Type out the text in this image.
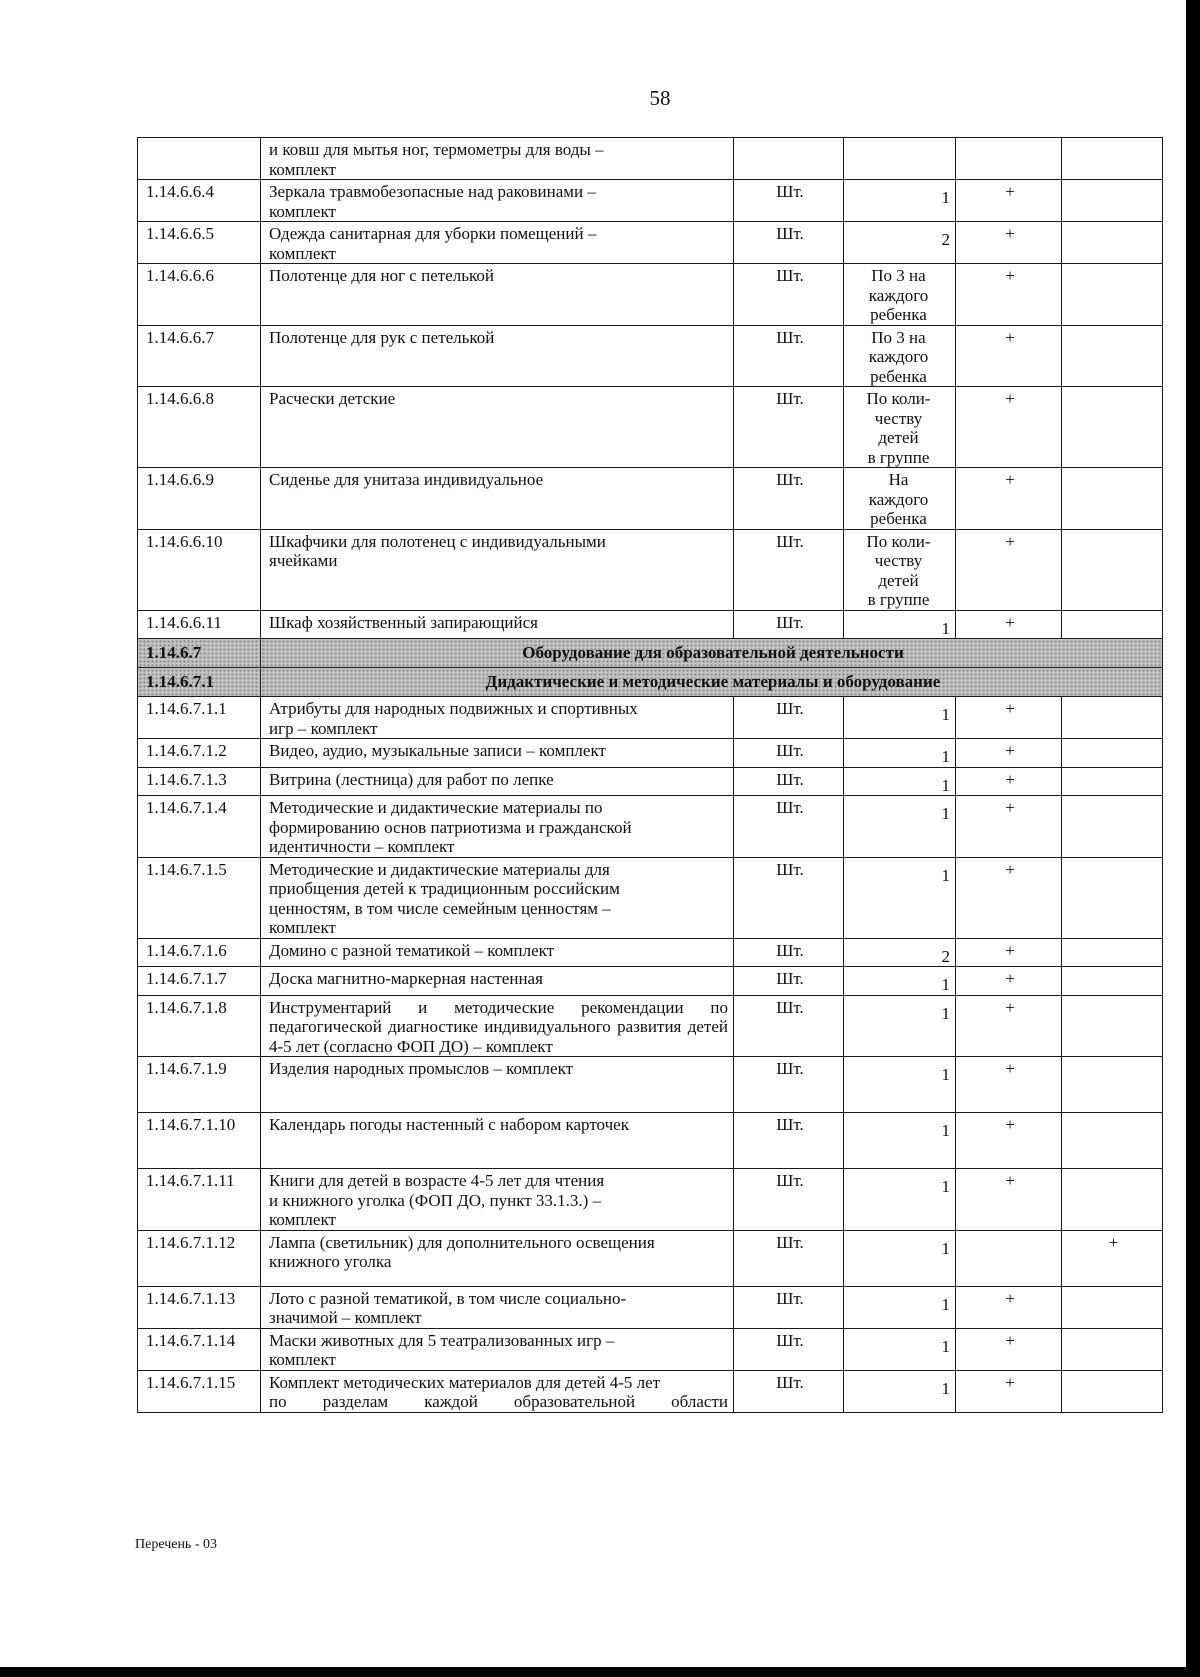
58
	и ковш для мытья ног, термометры для воды –
комплект				
1.14.6.6.4	Зеркала травмобезопасные над раковинами –
комплект	Шт.	1	+	
1.14.6.6.5	Одежда санитарная для уборки помещений –
комплект	Шт.	2	+	
1.14.6.6.6	Полотенце для ног с петелькой	Шт.	По 3 на
каждого
ребенка	+	
1.14.6.6.7	Полотенце для рук с петелькой	Шт.	По 3 на
каждого
ребенка	+	
1.14.6.6.8	Расчески детские	Шт.	По коли-
честву
детей
в группе	+	
1.14.6.6.9	Сиденье для унитаза индивидуальное	Шт.	На
каждого
ребенка	+	
1.14.6.6.10	Шкафчики для полотенец с индивидуальными
ячейками	Шт.	По коли-
честву
детей
в группе	+	
1.14.6.6.11	Шкаф хозяйственный запирающийся	Шт.	1	+	
1.14.6.7	Оборудование для образовательной деятельности				
1.14.6.7.1	Дидактические и методические материалы и оборудование				
1.14.6.7.1.1	Атрибуты для народных подвижных и спортивных
игр – комплект	Шт.	1	+	
1.14.6.7.1.2	Видео, аудио, музыкальные записи – комплект	Шт.	1	+	
1.14.6.7.1.3	Витрина (лестница) для работ по лепке	Шт.	1	+	
1.14.6.7.1.4	Методические и дидактические материалы по
формированию основ патриотизма и гражданской
идентичности – комплект	Шт.	1	+	
1.14.6.7.1.5	Методические и дидактические материалы для
приобщения детей к традиционным российским
ценностям, в том числе семейным ценностям –
комплект	Шт.	1	+	
1.14.6.7.1.6	Домино с разной тематикой – комплект	Шт.	2	+	
1.14.6.7.1.7	Доска магнитно-маркерная настенная	Шт.	1	+	
1.14.6.7.1.8	Инструментарий и методические рекомендации по педагогической диагностике индивидуального развития детей 4-5 лет (согласно ФОП ДО) – комплект	Шт.	1	+	
1.14.6.7.1.9	Изделия народных промыслов – комплект	Шт.	1	+	
1.14.6.7.1.10	Календарь погоды настенный с набором карточек	Шт.	1	+	
1.14.6.7.1.11	Книги для детей в возрасте 4-5 лет для чтения
и книжного уголка (ФОП ДО, пункт 33.1.3.) –
комплект	Шт.	1	+	
1.14.6.7.1.12	Лампа (светильник) для дополнительного освещения
книжного уголка	Шт.	1		+
1.14.6.7.1.13	Лото с разной тематикой, в том числе социально-
значимой – комплект	Шт.	1	+	
1.14.6.7.1.14	Маски животных для 5 театрализованных игр –
комплект	Шт.	1	+	
1.14.6.7.1.15	Комплект методических материалов для детей 4-5 лет
по разделам каждой образовательной области	Шт.	1	+	
Перечень - 03
